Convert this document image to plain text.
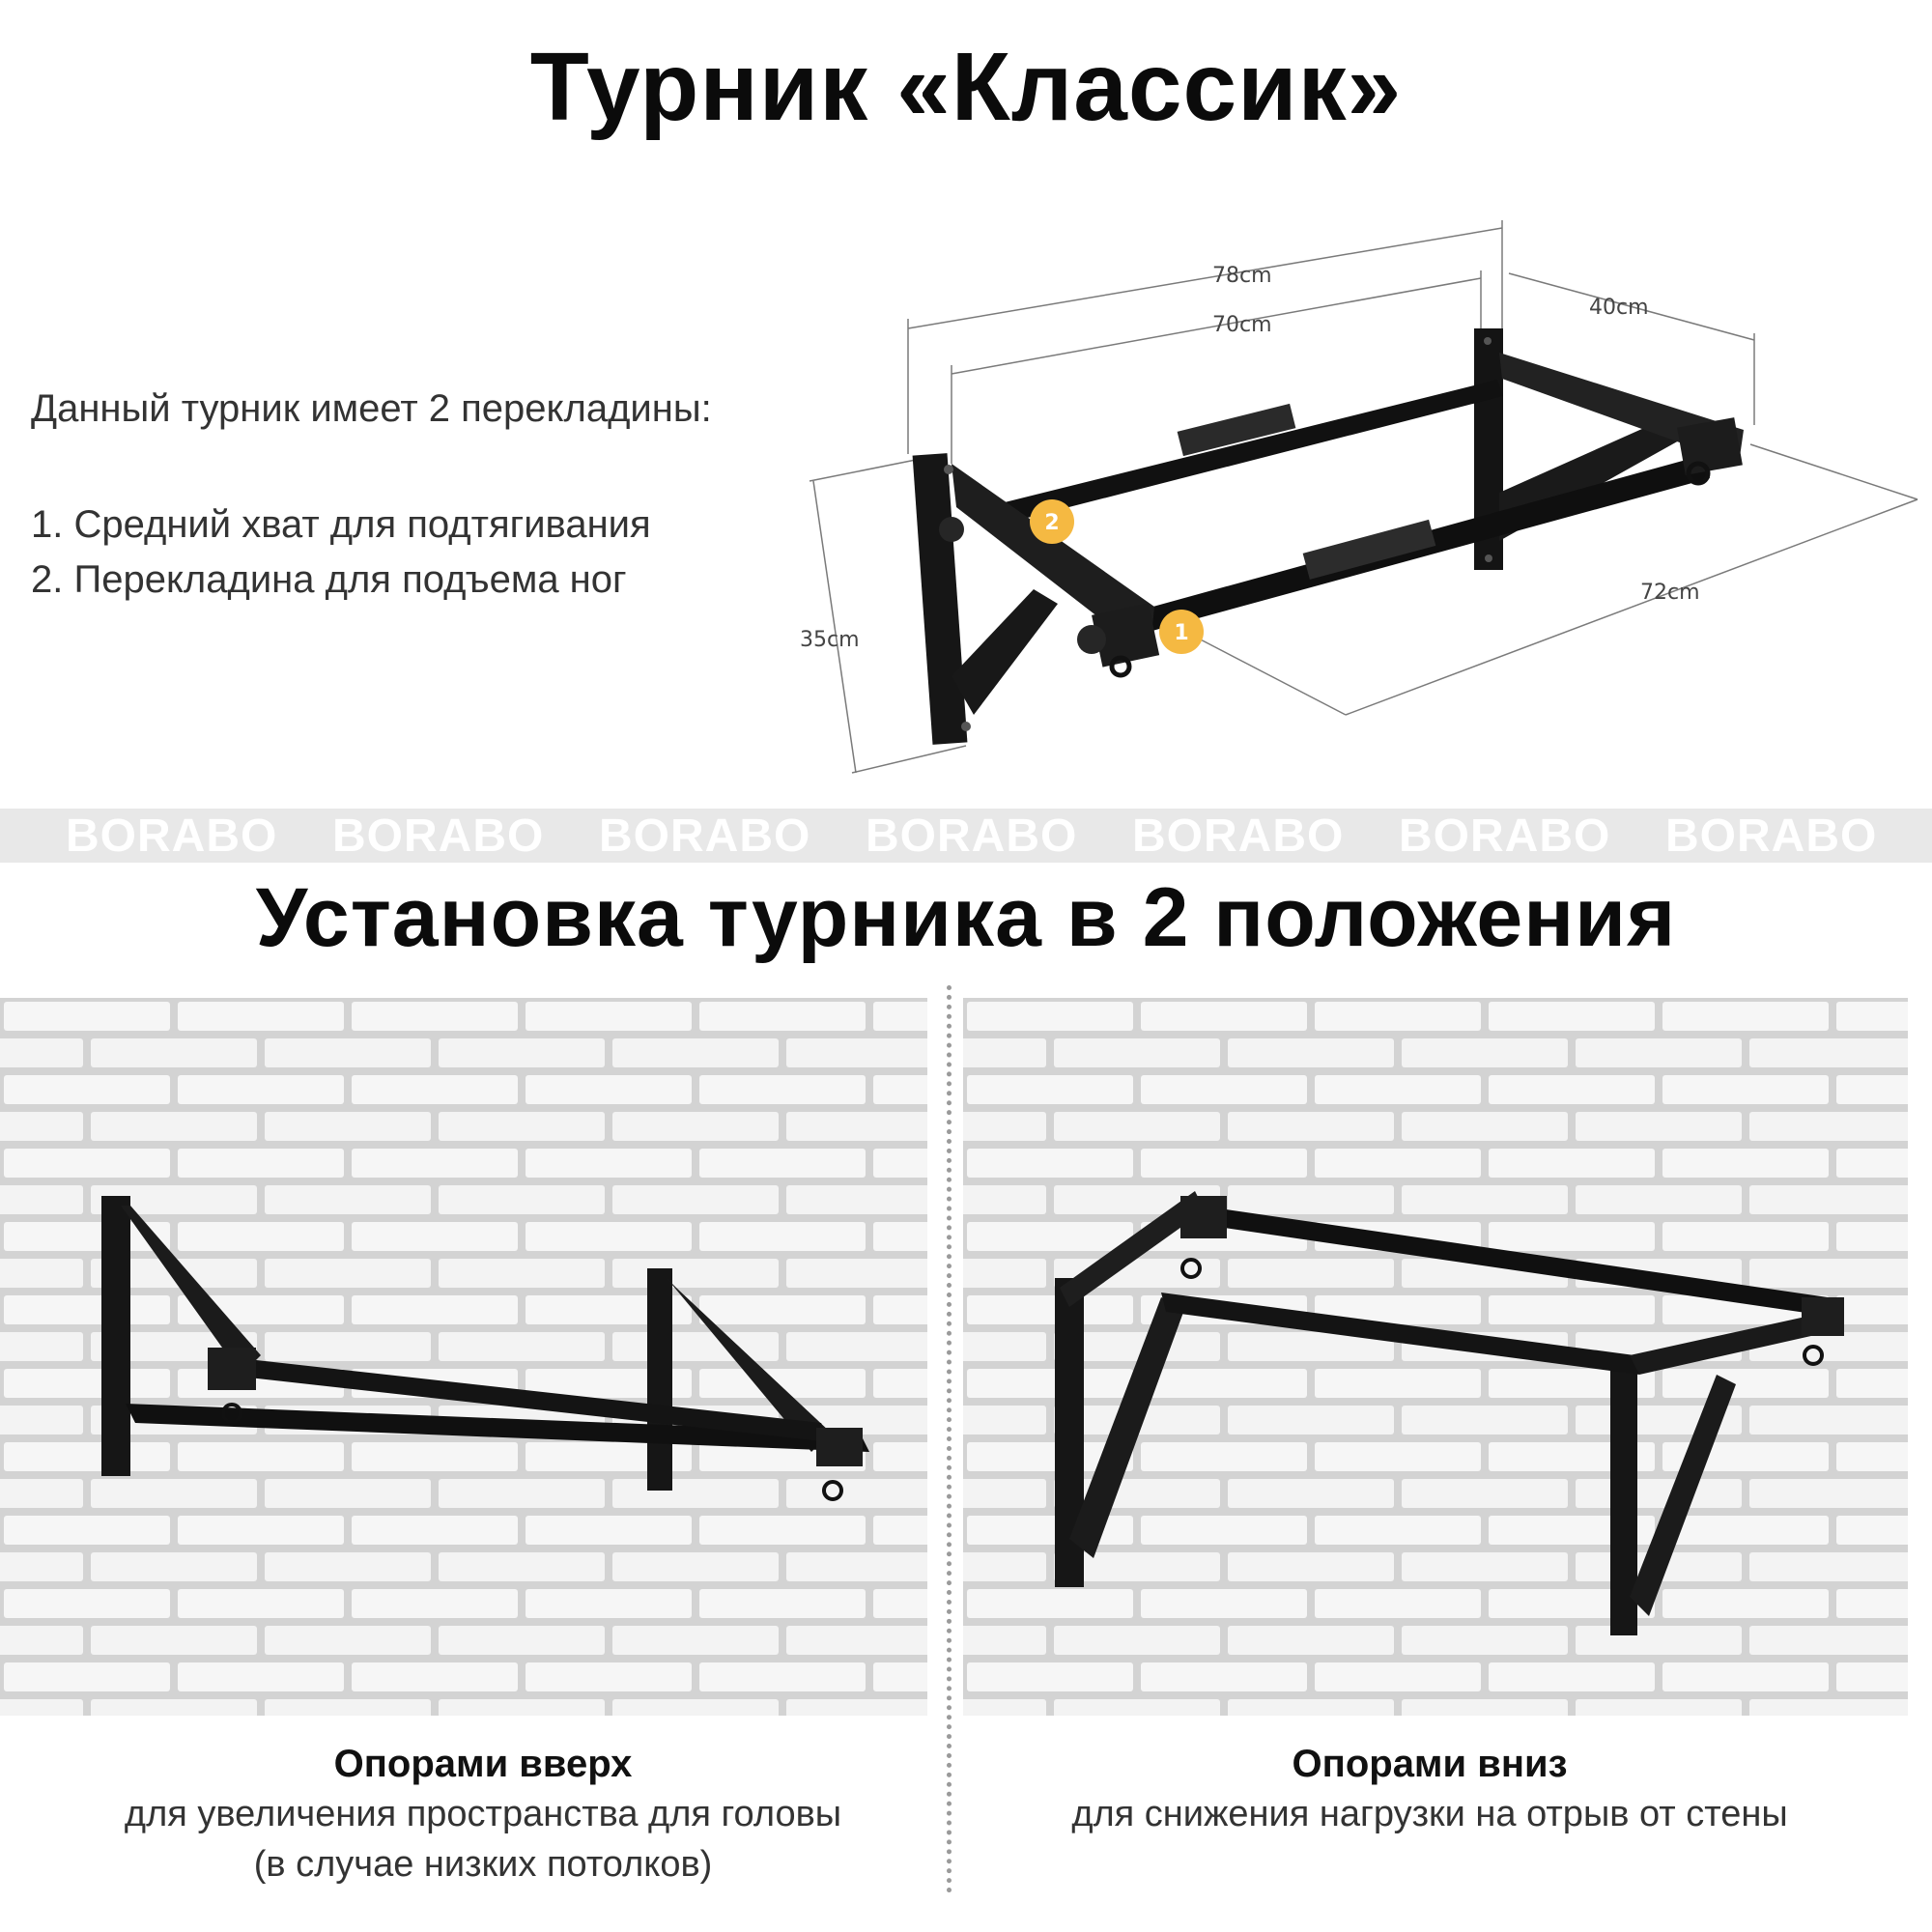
Турник «Классик»
Данный турник имеет 2 перекладины:
1. Средний хват для подтягивания
2. Перекладина для подъема ног
78cm
70cm
40cm
35cm
72cm
2
1
BORABO BORABO BORABO BORABO BORABO BORABO BORABO
Установка турника в 2 положения
Опорами вверх
для увеличения пространства для головы
(в случае низких потолков)
Опорами вниз
для снижения нагрузки на отрыв от стены
